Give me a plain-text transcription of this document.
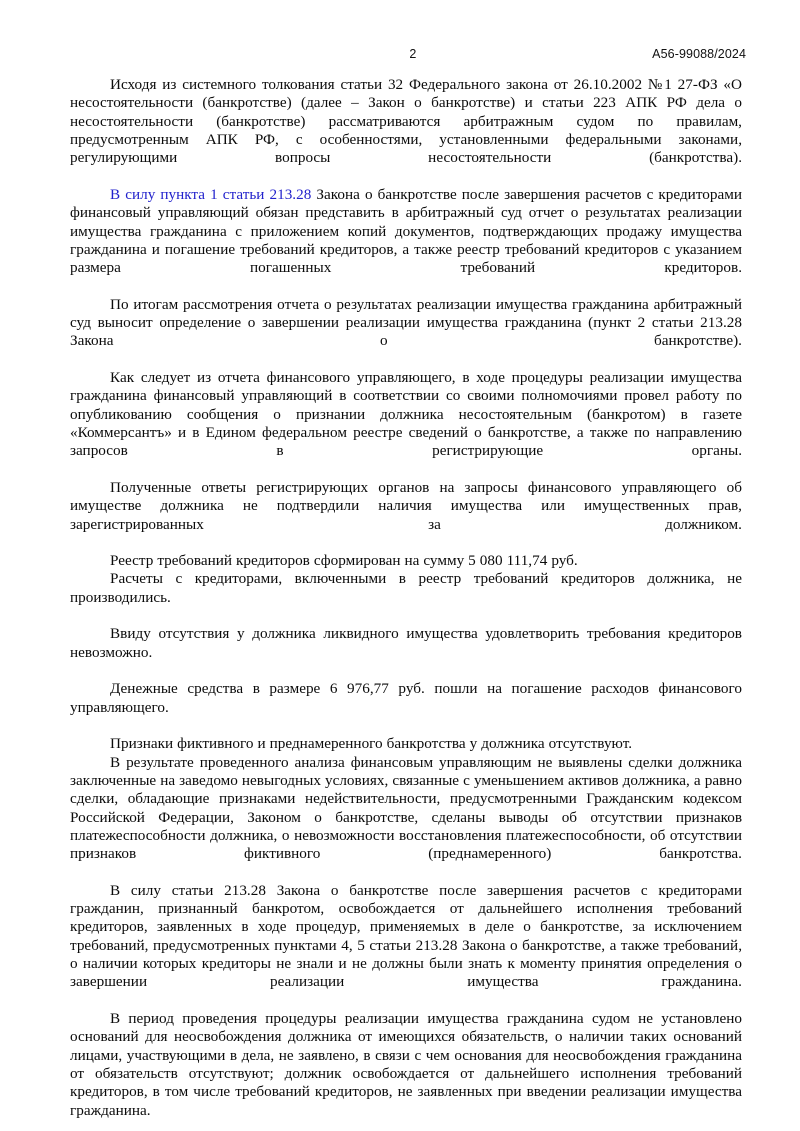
2	A56-99088/2024

Исходя из системного толкования статьи 32 Федерального закона от 26.10.2002 №1 27-ФЗ «О несостоятельности (банкротстве) (далее – Закон о банкротстве) и статьи 223 АПК РФ дела о несостоятельности (банкротстве) рассматриваются арбитражным судом по правилам, предусмотренным АПК РФ, с особенностями, установленными федеральными законами, регулирующими вопросы несостоятельности (банкротства).

В силу пункта 1 статьи 213.28 Закона о банкротстве после завершения расчетов с кредиторами финансовый управляющий обязан представить в арбитражный суд отчет о результатах реализации имущества гражданина с приложением копий документов, подтверждающих продажу имущества гражданина и погашение требований кредиторов, а также реестр требований кредиторов с указанием размера погашенных требований кредиторов.

По итогам рассмотрения отчета о результатах реализации имущества гражданина арбитражный суд выносит определение о завершении реализации имущества гражданина (пункт 2 статьи 213.28 Закона о банкротстве).

Как следует из отчета финансового управляющего, в ходе процедуры реализации имущества гражданина финансовый управляющий в соответствии со своими полномочиями провел работу по опубликованию сообщения о признании должника несостоятельным (банкротом) в газете «Коммерсантъ» и в Едином федеральном реестре сведений о банкротстве, а также по направлению запросов в регистрирующие органы.

Полученные ответы регистрирующих органов на запросы финансового управляющего об имуществе должника не подтвердили наличия имущества или имущественных прав, зарегистрированных за должником.

Реестр требований кредиторов сформирован на сумму 5 080 111,74 руб.

Расчеты с кредиторами, включенными в реестр требований кредиторов должника, не производились.

Ввиду отсутствия у должника ликвидного имущества удовлетворить требования кредиторов невозможно.

Денежные средства в размере 6 976,77 руб. пошли на погашение расходов финансового управляющего.

Признаки фиктивного и преднамеренного банкротства у должника отсутствуют.

В результате проведенного анализа финансовым управляющим не выявлены сделки должника заключенные на заведомо невыгодных условиях, связанные с уменьшением активов должника, а равно сделки, обладающие признаками недействительности, предусмотренными Гражданским кодексом Российской Федерации, Законом о банкротстве, сделаны выводы об отсутствии признаков платежеспособности должника, о невозможности восстановления платежеспособности, об отсутствии признаков фиктивного (преднамеренного) банкротства.

В силу статьи 213.28 Закона о банкротстве после завершения расчетов с кредиторами гражданин, признанный банкротом, освобождается от дальнейшего исполнения требований кредиторов, заявленных в ходе процедур, применяемых в деле о банкротстве, за исключением требований, предусмотренных пунктами 4, 5 статьи 213.28 Закона о банкротстве, а также требований, о наличии которых кредиторы не знали и не должны были знать к моменту принятия определения о завершении реализации имущества гражданина.

В период проведения процедуры реализации имущества гражданина судом не установлено оснований для неосвобождения должника от имеющихся обязательств, о наличии таких оснований лицами, участвующими в дела, не заявлено, в связи с чем основания для неосвобождения гражданина от обязательств отсутствуют; должник освобождается от дальнейшего исполнения требований кредиторов, в том числе требований кредиторов, не заявленных при введении реализации имущества гражданина.
